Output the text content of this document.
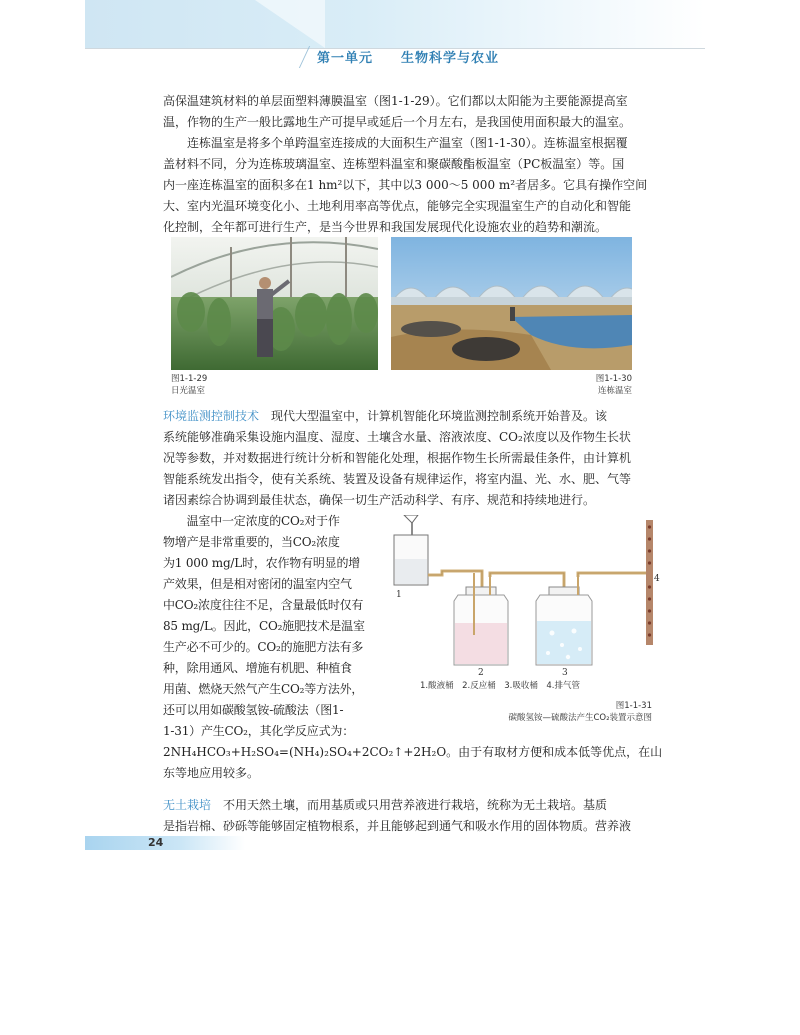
第一单元　　 生物科学与农业

高保温建筑材料的单层面塑料薄膜温室（图1-1-29）。它们都以太阳能为主要能源提高室

温，作物的生产一般比露地生产可提早或延后一个月左右，是我国使用面积最大的温室。

　　连栋温室是将多个单跨温室连接成的大面积生产温室（图1-1-30）。连栋温室根据覆

盖材料不同，分为连栋玻璃温室、连栋塑料温室和聚碳酸酯板温室（PC板温室）等。国

内一座连栋温室的面积多在1 hm²以下，其中以3 000～5 000 m²者居多。它具有操作空间

大、室内光温环境变化小、土地利用率高等优点，能够完全实现温室生产的自动化和智能

化控制，全年都可进行生产，是当今世界和我国发展现代化设施农业的趋势和潮流。

图1-1-29
日光温室
图1-1-30
连栋温室

环境监测控制技术　现代大型温室中，计算机智能化环境监测控制系统开始普及。该

系统能够准确采集设施内温度、湿度、土壤含水量、溶液浓度、CO₂浓度以及作物生长状

况等参数，并对数据进行统计分析和智能化处理，根据作物生长所需最佳条件，由计算机

智能系统发出指令，使有关系统、装置及设备有规律运作，将室内温、光、水、肥、气等

诸因素综合协调到最佳状态，确保一切生产活动科学、有序、规范和持续地进行。

　　温室中一定浓度的CO₂对于作

物增产是非常重要的，当CO₂浓度

为1 000 mg/L时，农作物有明显的增

产效果，但是相对密闭的温室内空气

中CO₂浓度往往不足，含量最低时仅有

85 mg/L。因此，CO₂施肥技术是温室

生产必不可少的。CO₂的施肥方法有多

种，除用通风、增施有机肥、种植食

用菌、燃烧天然气产生CO₂等方法外，

还可以用如碳酸氢铵-硫酸法（图1-

1-31）产生CO₂，其化学反应式为：

1
2	3
4
1.酸液桶　2.反应桶　3.吸收桶　4.排气管
图1-1-31
碳酸氢铵—硫酸法产生CO₂装置示意图

2NH₄HCO₃+H₂SO₄=(NH₄)₂SO₄+2CO₂↑+2H₂O。由于有取材方便和成本低等优点，在山

东等地应用较多。

无土栽培　不用天然土壤，而用基质或只用营养液进行栽培，统称为无土栽培。基质

是指岩棉、砂砾等能够固定植物根系，并且能够起到通气和吸水作用的固体物质。营养液

24
